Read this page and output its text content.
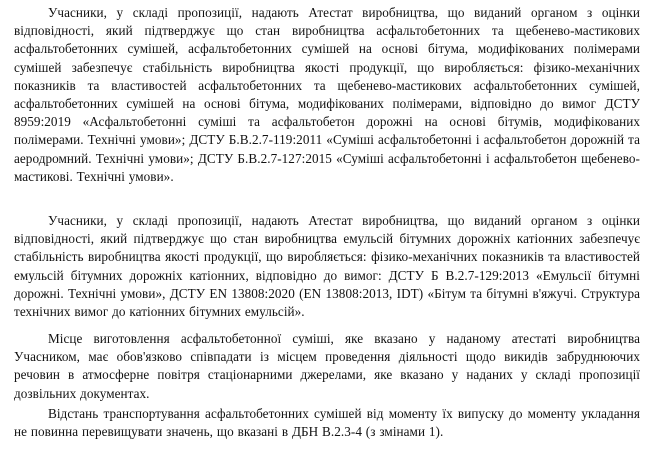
Учасники, у складі пропозиції, надають Атестат виробництва, що виданий органом з оцінки відповідності, який підтверджує що стан виробництва асфальтобетонних та щебенево-мастикових асфальтобетонних сумішей, асфальтобетонних сумішей на основі бітума, модифікованих полімерами сумішей забезпечує стабільність виробництва якості продукції, що виробляється: фізико-механічних показників та властивостей асфальтобетонних та щебенево-мастикових асфальтобетонних сумішей, асфальтобетонних сумішей на основі бітума, модифікованих полімерами, відповідно до вимог ДСТУ 8959:2019 «Асфальтобетонні суміші та асфальтобетон дорожні на основі бітумів, модифікованих полімерами. Технічні умови»; ДСТУ Б.В.2.7-119:2011 «Суміші асфальтобетонні і асфальтобетон дорожній та аеродромний. Технічні умови»; ДСТУ Б.В.2.7-127:2015 «Суміші асфальтобетонні і асфальтобетон щебенево-мастикові. Технічні умови».

Учасники, у складі пропозиції, надають Атестат виробництва, що виданий органом з оцінки відповідності, який підтверджує що стан виробництва емульсій бітумних дорожніх катіонних забезпечує стабільність виробництва якості продукції, що виробляється: фізико-механічних показників та властивостей емульсій бітумних дорожніх катіонних, відповідно до вимог: ДСТУ Б В.2.7-129:2013 «Емульсії бітумні дорожні. Технічні умови», ДСТУ EN 13808:2020 (EN 13808:2013, IDT) «Бітум та бітумні в'яжучі. Структура технічних вимог до катіонних бітумних емульсій».

Місце виготовлення асфальтобетонної суміші, яке вказано у наданому атестаті виробництва Учасником, має обов'язково співпадати із місцем проведення діяльності щодо викидів забруднюючих речовин в атмосферне повітря стаціонарними джерелами, яке вказано у наданих у складі пропозиції дозвільних документах.

Відстань транспортування асфальтобетонних сумішей від моменту їх випуску до моменту укладання не повинна перевищувати значень, що вказані в ДБН В.2.3-4 (з змінами 1).
